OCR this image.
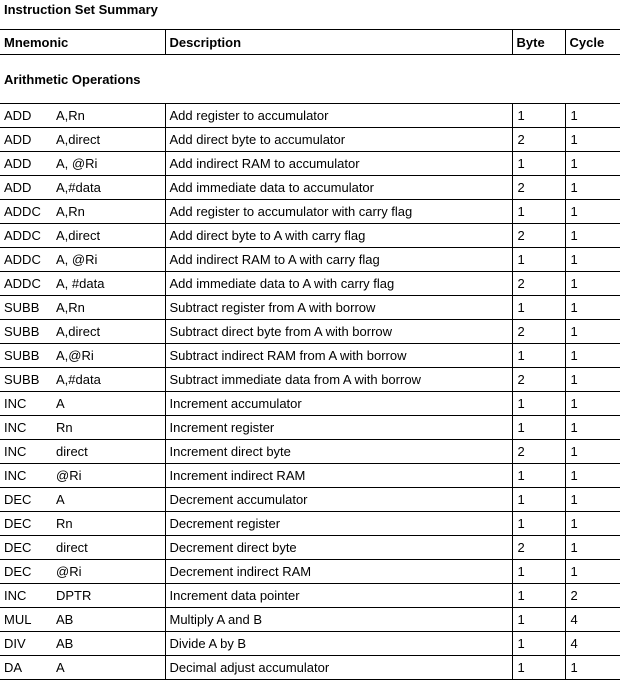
Instruction Set Summary
Mnemonic	Description	Byte	Cycle
Arithmetic Operations			
ADD A,Rn	Add register to accumulator	1	1
ADD A,direct	Add direct byte to accumulator	2	1
ADD A, @Ri	Add indirect RAM to accumulator	1	1
ADD A,#data	Add immediate data to accumulator	2	1
ADDC A,Rn	Add register to accumulator with carry flag	1	1
ADDC A,direct	Add direct byte to A with carry flag	2	1
ADDC A, @Ri	Add indirect RAM to A with carry flag	1	1
ADDC A, #data	Add immediate data to A with carry flag	2	1
SUBB A,Rn	Subtract register from A with borrow	1	1
SUBB A,direct	Subtract direct byte from A with borrow	2	1
SUBB A,@Ri	Subtract indirect RAM from A with borrow	1	1
SUBB A,#data	Subtract immediate data from A with borrow	2	1
INC A	Increment accumulator	1	1
INC Rn	Increment register	1	1
INC direct	Increment direct byte	2	1
INC @Ri	Increment indirect RAM	1	1
DEC A	Decrement accumulator	1	1
DEC Rn	Decrement register	1	1
DEC direct	Decrement direct byte	2	1
DEC @Ri	Decrement indirect RAM	1	1
INC DPTR	Increment data pointer	1	2
MUL AB	Multiply A and B	1	4
DIV AB	Divide A by B	1	4
DA A	Decimal adjust accumulator	1	1
